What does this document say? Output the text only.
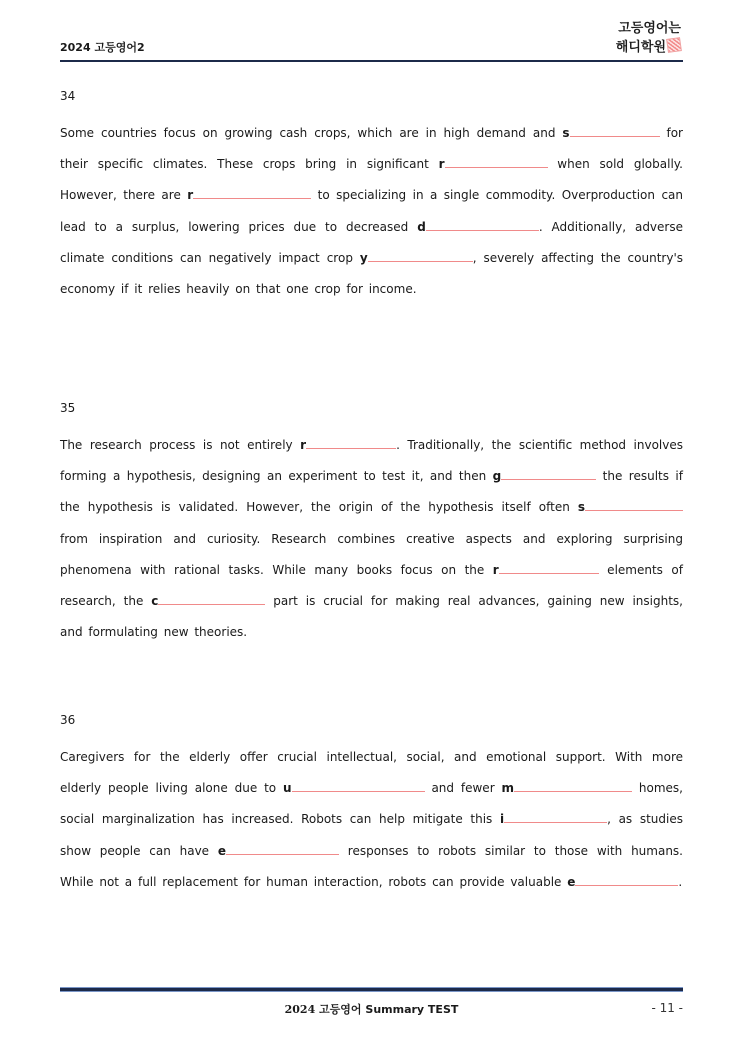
2024 고등영어2
고등영어는
해디학원
34
Some countries focus on growing cash crops, which are in high demand and s	for their specific climates. These crops bring in significant r	when sold globally. However, there are r	to specializing in a single commodity. Overproduction can lead to a surplus, lowering prices due to decreased d	. Additionally, adverse climate conditions can negatively impact crop y	, severely affecting the country's economy if it relies heavily on that one crop for income.
35
The research process is not entirely r	. Traditionally, the scientific method involves forming a hypothesis, designing an experiment to test it, and then g	the results if the hypothesis is validated. However, the origin of the hypothesis itself often s from inspiration and curiosity. Research combines creative aspects and exploring surprising phenomena with rational tasks. While many books focus on the r	elements of research, the c	part is crucial for making real advances, gaining new insights, and formulating new theories.
36
Caregivers for the elderly offer crucial intellectual, social, and emotional support. With more elderly people living alone due to u	and fewer m	homes, social marginalization has increased. Robots can help mitigate this i	, as studies show people can have e	responses to robots similar to those with humans. While not a full replacement for human interaction, robots can provide valuable e	.
2024 고등영어 Summary TEST	- 11 -
